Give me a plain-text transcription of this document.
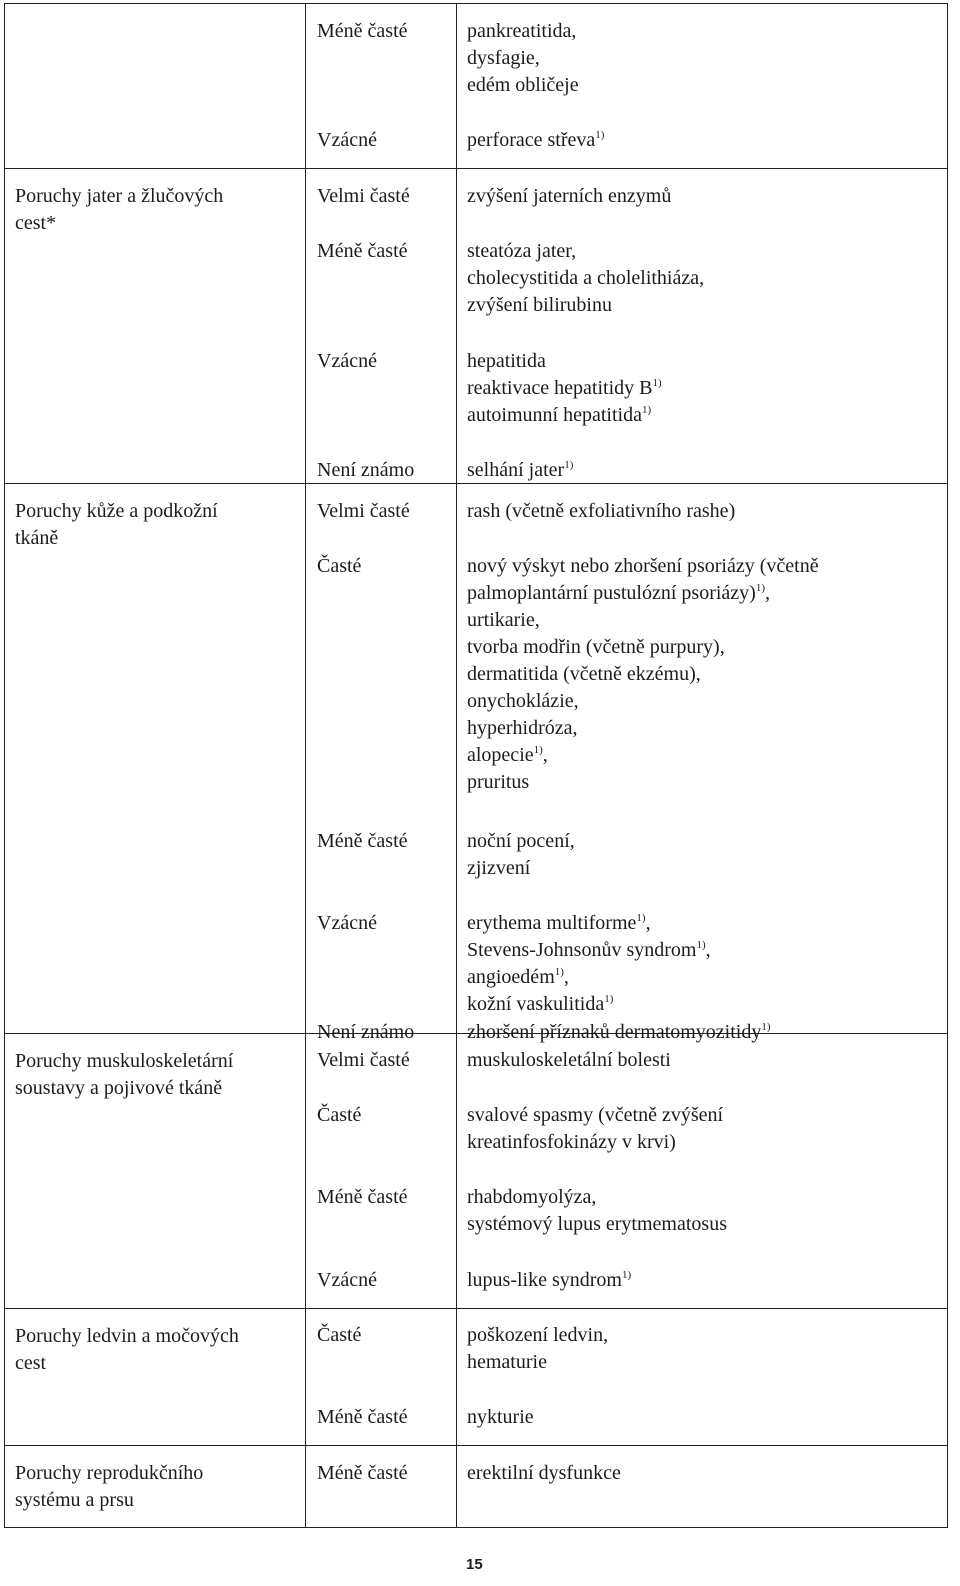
Méně časté	pankreatitida,
dysfagie,
edém obličeje
Vzácné	perforace střeva$^{1)}$
Poruchy jater a žlučových
cest*
Velmi časté	zvýšení jaterních enzymů
Méně časté	steatóza jater,
cholecystitida a cholelithiáza,
zvýšení bilirubinu
Vzácné	hepatitida
reaktivace hepatitidy $B^{1)}$
autoimunní hepatitida$^{1)}$
Není známo	selhání jater$^{1)}$
Poruchy kůže a podkožní
tkáně
Velmi časté	rash (včetně exfoliativního rashe)
Časté	nový výskyt nebo zhoršení psoriázy (včetně
palmoplantární pustulózní psoriázy)$^{1)}$,
urtikarie,
tvorba modřin (včetně purpury),
dermatitida (včetně ekzému),
onychoklázie,
hyperhidróza,
alopecie$^{1)}$,
pruritus
Méně časté	noční pocení,
zjizvení
Vzácné	erythema multiforme$^{1)}$,
Stevens-Johnsonův syndrom$^{1)}$,
angioedém$^{1)}$,
kožní vaskulitida$^{1)}$
Není známo	zhoršení příznaků dermatomyozitidy$^{1)}$
Poruchy muskuloskeletární
soustavy a pojivové tkáně
Velmi časté	muskuloskeletální bolesti
Časté	svalové spasmy (včetně zvýšení
kreatinfosfokinázy v krvi)
Méně časté	rhabdomyolýza,
systémový lupus erytmematosus
Vzácné	lupus-like syndrom$^{1)}$
Poruchy ledvin a močových
cest
Časté	poškození ledvin,
hematurie
Méně časté	nykturie
Poruchy reprodukčního
systému a prsu
Méně časté	erektilní dysfunkce
15
